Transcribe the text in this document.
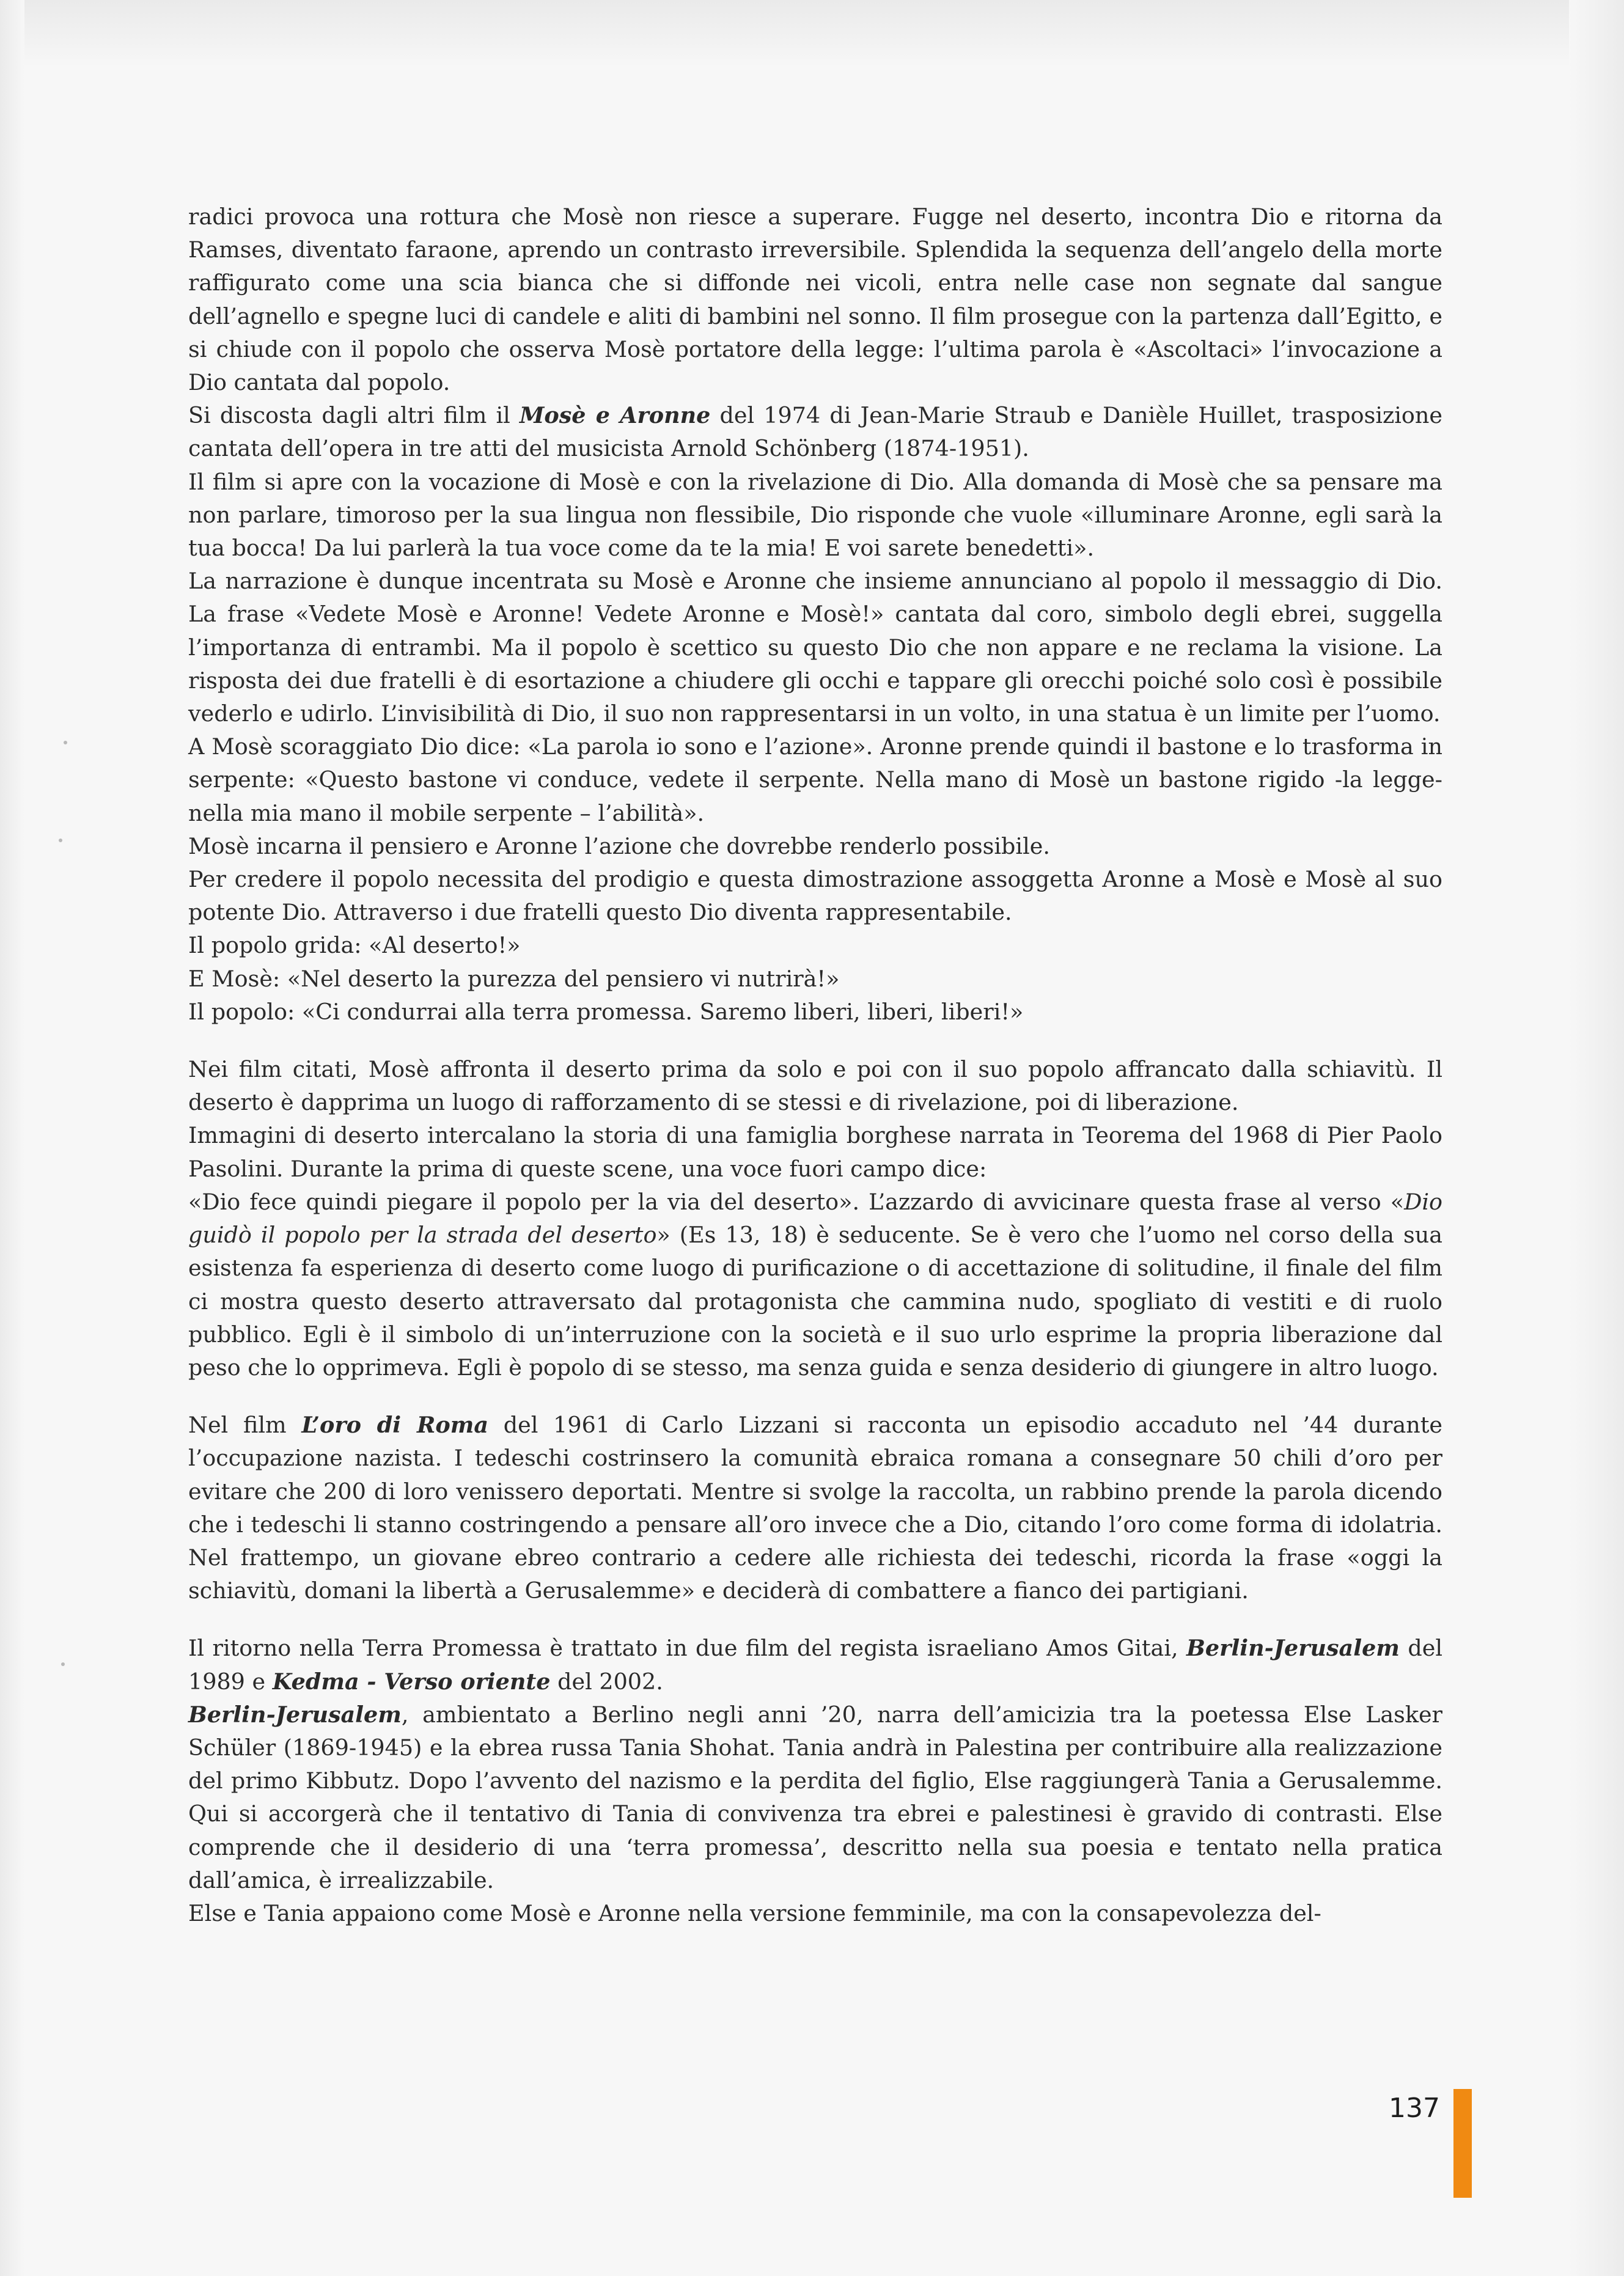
radici provoca una rottura che Mosè non riesce a superare. Fugge nel deserto, incontra Dio e ritorna da Ramses, diventato faraone, aprendo un contrasto irreversibile. Splendida la sequenza dell’angelo della morte raffigurato come una scia bianca che si diffonde nei vicoli, entra nelle case non segnate dal sangue dell’agnello e spegne luci di candele e aliti di bambini nel sonno. Il film prosegue con la partenza dall’Egitto, e si chiude con il popolo che osserva Mosè portatore della legge: l’ultima parola è «Ascoltaci» l’invocazione a Dio cantata dal popolo.

Si discosta dagli altri film il Mosè e Aronne del 1974 di Jean-Marie Straub e Danièle Huillet, trasposizione cantata dell’opera in tre atti del musicista Arnold Schönberg (1874-1951).

Il film si apre con la vocazione di Mosè e con la rivelazione di Dio. Alla domanda di Mosè che sa pensare ma non parlare, timoroso per la sua lingua non flessibile, Dio risponde che vuole «illuminare Aronne, egli sarà la tua bocca! Da lui parlerà la tua voce come da te la mia! E voi sarete benedetti».

La narrazione è dunque incentrata su Mosè e Aronne che insieme annunciano al popolo il messaggio di Dio. La frase «Vedete Mosè e Aronne! Vedete Aronne e Mosè!» cantata dal coro, simbolo degli ebrei, suggella l’importanza di entrambi. Ma il popolo è scettico su questo Dio che non appare e ne reclama la visione. La risposta dei due fratelli è di esortazione a chiudere gli occhi e tappare gli orecchi poiché solo così è possibile vederlo e udirlo. L’invisibilità di Dio, il suo non rappresentarsi in un volto, in una statua è un limite per l’uomo.

A Mosè scoraggiato Dio dice: «La parola io sono e l’azione». Aronne prende quindi il bastone e lo trasforma in serpente: «Questo bastone vi conduce, vedete il serpente. Nella mano di Mosè un bastone rigido -la legge- nella mia mano il mobile serpente – l’abilità».

Mosè incarna il pensiero e Aronne l’azione che dovrebbe renderlo possibile.

Per credere il popolo necessita del prodigio e questa dimostrazione assoggetta Aronne a Mosè e Mosè al suo potente Dio. Attraverso i due fratelli questo Dio diventa rappresentabile.

Il popolo grida: «Al deserto!»

E Mosè: «Nel deserto la purezza del pensiero vi nutrirà!»

Il popolo: «Ci condurrai alla terra promessa. Saremo liberi, liberi, liberi!»

Nei film citati, Mosè affronta il deserto prima da solo e poi con il suo popolo affrancato dalla schiavitù. Il deserto è dapprima un luogo di rafforzamento di se stessi e di rivelazione, poi di liberazione.

Immagini di deserto intercalano la storia di una famiglia borghese narrata in Teorema del 1968 di Pier Paolo Pasolini. Durante la prima di queste scene, una voce fuori campo dice:

«Dio fece quindi piegare il popolo per la via del deserto». L’azzardo di avvicinare questa frase al verso «Dio guidò il popolo per la strada del deserto» (Es 13, 18) è seducente. Se è vero che l’uomo nel corso della sua esistenza fa esperienza di deserto come luogo di purificazione o di accettazione di solitudine, il finale del film ci mostra questo deserto attraversato dal protagonista che cammina nudo, spogliato di vestiti e di ruolo pubblico. Egli è il simbolo di un’interruzione con la società e il suo urlo esprime la propria liberazione dal peso che lo opprimeva. Egli è popolo di se stesso, ma senza guida e senza desiderio di giungere in altro luogo.

Nel film L’oro di Roma del 1961 di Carlo Lizzani si racconta un episodio accaduto nel ’44 durante l’occupazione nazista. I tedeschi costrinsero la comunità ebraica romana a consegnare 50 chili d’oro per evitare che 200 di loro venissero deportati. Mentre si svolge la raccolta, un rabbino prende la parola dicendo che i tedeschi li stanno costringendo a pensare all’oro invece che a Dio, citando l’oro come forma di idolatria. Nel frattempo, un giovane ebreo contrario a cedere alle richiesta dei tedeschi, ricorda la frase «oggi la schiavitù, domani la libertà a Gerusalemme» e deciderà di combattere a fianco dei partigiani.

Il ritorno nella Terra Promessa è trattato in due film del regista israeliano Amos Gitai, Berlin-Jerusalem del 1989 e Kedma - Verso oriente del 2002.

Berlin-Jerusalem, ambientato a Berlino negli anni ’20, narra dell’amicizia tra la poetessa Else Lasker Schüler (1869-1945) e la ebrea russa Tania Shohat. Tania andrà in Palestina per contribuire alla realizzazione del primo Kibbutz. Dopo l’avvento del nazismo e la perdita del figlio, Else raggiungerà Tania a Gerusalemme. Qui si accorgerà che il tentativo di Tania di convivenza tra ebrei e palestinesi è gravido di contrasti. Else comprende che il desiderio di una ‘terra promessa’, descritto nella sua poesia e tentato nella pratica dall’amica, è irrealizzabile.

Else e Tania appaiono come Mosè e Aronne nella versione femminile, ma con la consapevolezza del-

137
